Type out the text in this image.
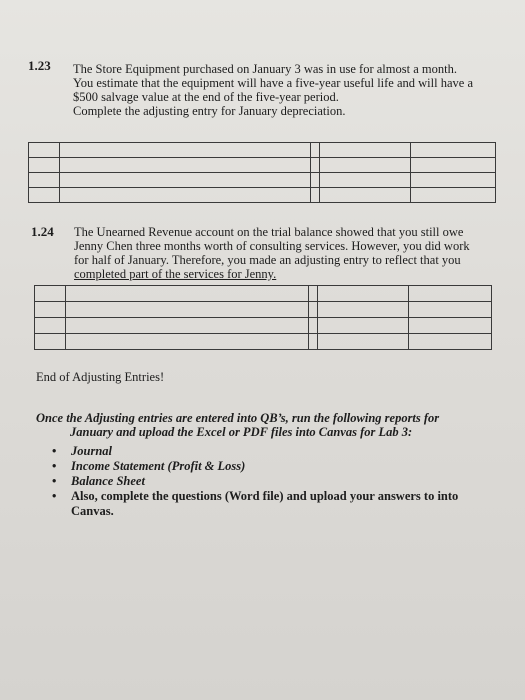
1.23 The Store Equipment purchased on January 3 was in use for almost a month.
You estimate that the equipment will have a five-year useful life and will have a
$500 salvage value at the end of the five-year period.
Complete the adjusting entry for January depreciation.

1.24 The Unearned Revenue account on the trial balance showed that you still owe
Jenny Chen three months worth of consulting services. However, you did work
for half of January. Therefore, you made an adjusting entry to reflect that you
completed part of the services for Jenny.

End of Adjusting Entries!
Once the Adjusting entries are entered into QB’s, run the following reports for
January and upload the Excel or PDF files into Canvas for Lab 3:
• Journal
• Income Statement (Profit & Loss)
• Balance Sheet
• Also, complete the questions (Word file) and upload your answers to into
Canvas.
